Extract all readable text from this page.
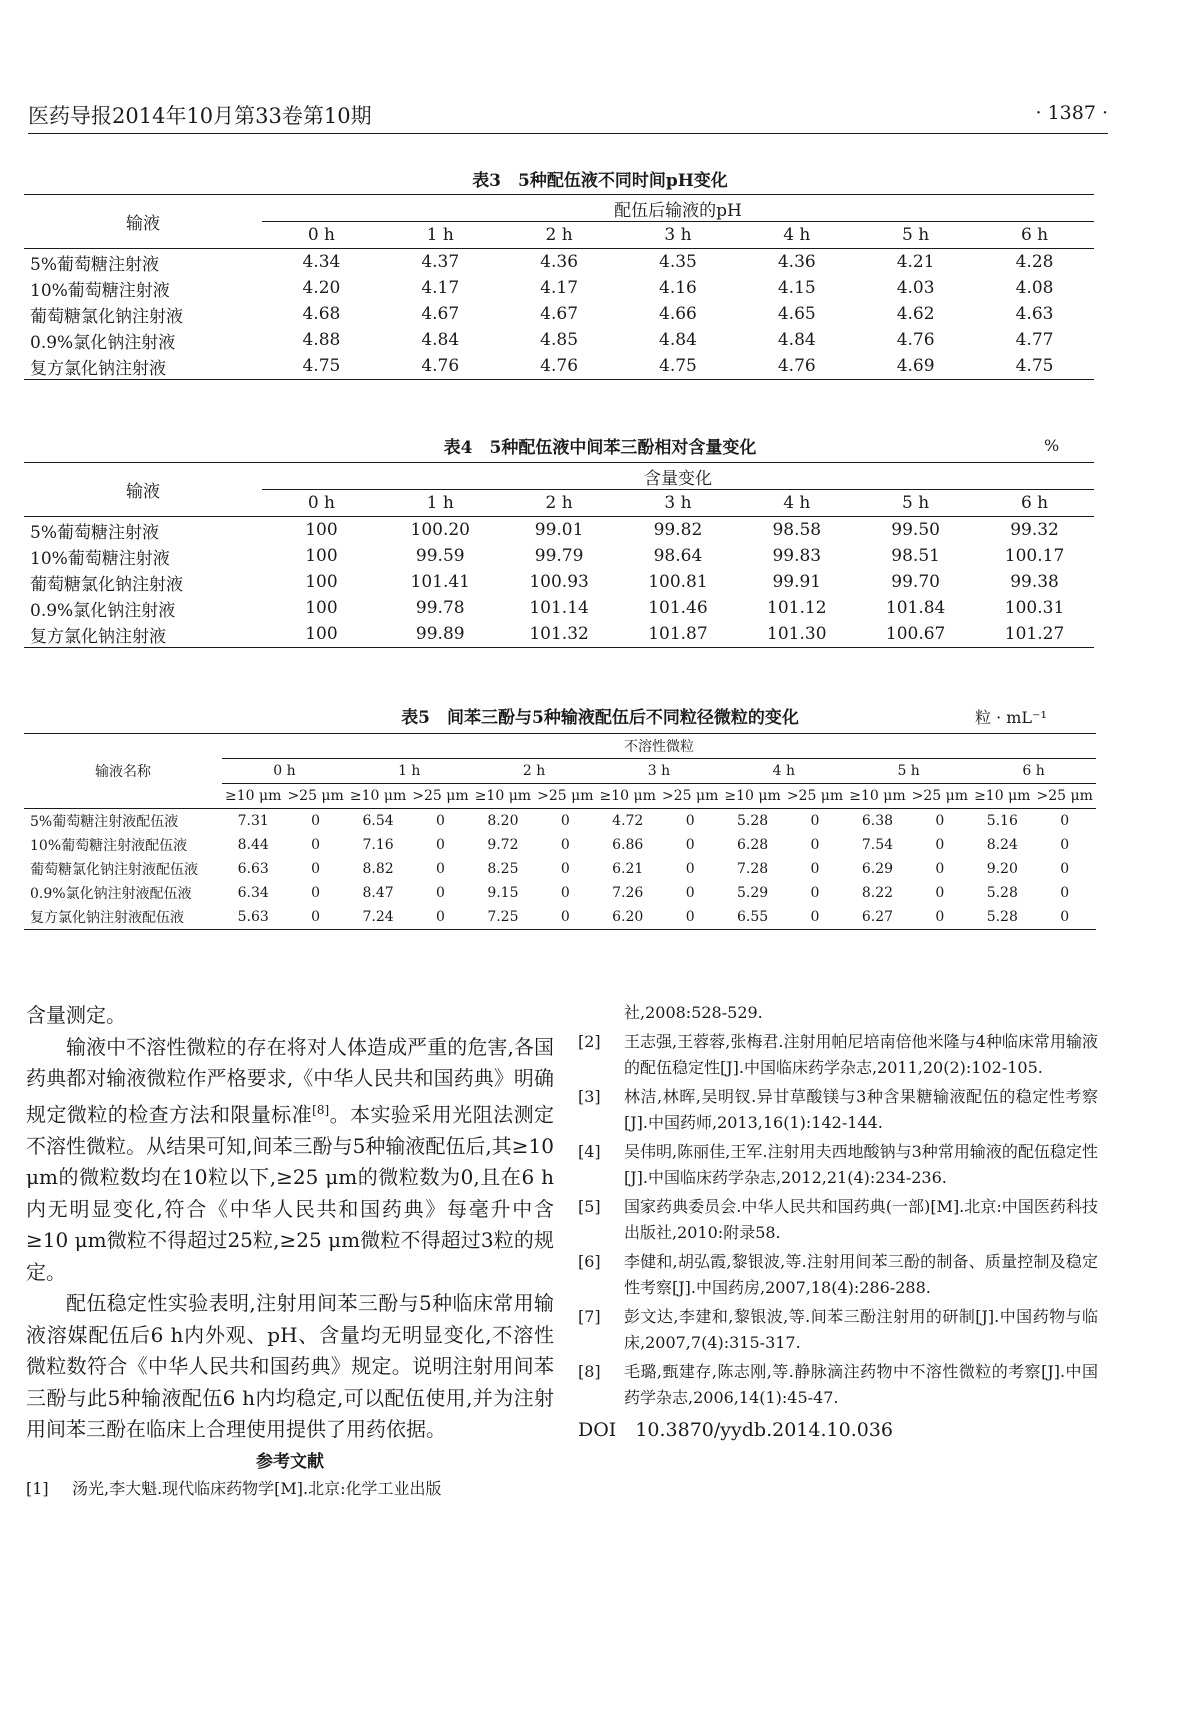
医药导报2014年10月第33卷第10期	· 1387 ·
表3　5种配伍液不同时间pH变化
输液	配伍后输液的pH						
	0 h	1 h	2 h	3 h	4 h	5 h	6 h
5%葡萄糖注射液	4.34	4.37	4.36	4.35	4.36	4.21	4.28
10%葡萄糖注射液	4.20	4.17	4.17	4.16	4.15	4.03	4.08
葡萄糖氯化钠注射液	4.68	4.67	4.67	4.66	4.65	4.62	4.63
0.9%氯化钠注射液	4.88	4.84	4.85	4.84	4.84	4.76	4.77
复方氯化钠注射液	4.75	4.76	4.76	4.75	4.76	4.69	4.75
表4　5种配伍液中间苯三酚相对含量变化	%
输液	含量变化						
	0 h	1 h	2 h	3 h	4 h	5 h	6 h
5%葡萄糖注射液	100	100.20	99.01	99.82	98.58	99.50	99.32
10%葡萄糖注射液	100	99.59	99.79	98.64	99.83	98.51	100.17
葡萄糖氯化钠注射液	100	101.41	100.93	100.81	99.91	99.70	99.38
0.9%氯化钠注射液	100	99.78	101.14	101.46	101.12	101.84	100.31
复方氯化钠注射液	100	99.89	101.32	101.87	101.30	100.67	101.27
表5　间苯三酚与5种输液配伍后不同粒径微粒的变化	粒 · mL⁻¹
输液名称	不溶性微粒													
	0 h		1 h		2 h		3 h		4 h		5 h		6 h	
	≥10 μm	>25 μm	≥10 μm	>25 μm	≥10 μm	>25 μm	≥10 μm	>25 μm	≥10 μm	>25 μm	≥10 μm	>25 μm	≥10 μm	>25 μm
5%葡萄糖注射液配伍液	7.31	0	6.54	0	8.20	0	4.72	0	5.28	0	6.38	0	5.16	0
10%葡萄糖注射液配伍液	8.44	0	7.16	0	9.72	0	6.86	0	6.28	0	7.54	0	8.24	0
葡萄糖氯化钠注射液配伍液	6.63	0	8.82	0	8.25	0	6.21	0	7.28	0	6.29	0	9.20	0
0.9%氯化钠注射液配伍液	6.34	0	8.47	0	9.15	0	7.26	0	5.29	0	8.22	0	5.28	0
复方氯化钠注射液配伍液	5.63	0	7.24	0	7.25	0	6.20	0	6.55	0	6.27	0	5.28	0

含量测定。

输液中不溶性微粒的存在将对人体造成严重的危害,各国药典都对输液微粒作严格要求,《中华人民共和国药典》明确规定微粒的检查方法和限量标准[8]。本实验采用光阻法测定不溶性微粒。从结果可知,间苯三酚与5种输液配伍后,其≥10 μm的微粒数均在10粒以下,≥25 μm的微粒数为0,且在6 h内无明显变化,符合《中华人民共和国药典》每毫升中含≥10 μm微粒不得超过25粒,≥25 μm微粒不得超过3粒的规定。

配伍稳定性实验表明,注射用间苯三酚与5种临床常用输液溶媒配伍后6 h内外观、pH、含量均无明显变化,不溶性微粒数符合《中华人民共和国药典》规定。说明注射用间苯三酚与此5种输液配伍6 h内均稳定,可以配伍使用,并为注射用间苯三酚在临床上合理使用提供了用药依据。

参考文献
[1]	汤光,李大魁.现代临床药物学[M].北京:化学工业出版
社,2008:528-529.
[2]	王志强,王蓉蓉,张梅君.注射用帕尼培南倍他米隆与4种临床常用输液的配伍稳定性[J].中国临床药学杂志,2011,20(2):102-105.
[3]	林洁,林晖,吴明钗.异甘草酸镁与3种含果糖输液配伍的稳定性考察[J].中国药师,2013,16(1):142-144.
[4]	吴伟明,陈丽佳,王军.注射用夫西地酸钠与3种常用输液的配伍稳定性[J].中国临床药学杂志,2012,21(4):234-236.
[5]	国家药典委员会.中华人民共和国药典(一部)[M].北京:中国医药科技出版社,2010:附录58.
[6]	李健和,胡弘霞,黎银波,等.注射用间苯三酚的制备、质量控制及稳定性考察[J].中国药房,2007,18(4):286-288.
[7]	彭文达,李建和,黎银波,等.间苯三酚注射用的研制[J].中国药物与临床,2007,7(4):315-317.
[8]	毛璐,甄建存,陈志刚,等.静脉滴注药物中不溶性微粒的考察[J].中国药学杂志,2006,14(1):45-47.
DOI　10.3870/yydb.2014.10.036
